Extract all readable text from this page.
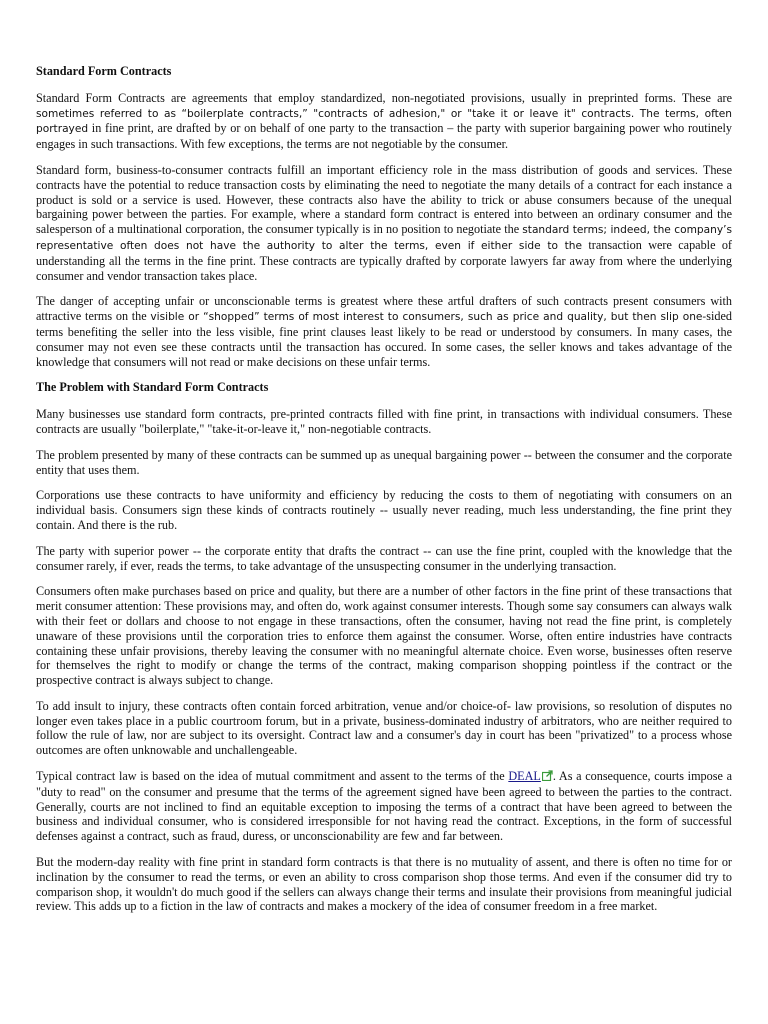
Standard Form Contracts

Standard Form Contracts are agreements that employ standardized, non-negotiated provisions, usually in preprinted forms. These are sometimes referred to as “boilerplate contracts,” "contracts of adhesion," or "take it or leave it" contracts. The terms, often portrayed in fine print, are drafted by or on behalf of one party to the transaction – the party with superior bargaining power who routinely engages in such transactions. With few exceptions, the terms are not negotiable by the consumer.

Standard form, business-to-consumer contracts fulfill an important efficiency role in the mass distribution of goods and services. These contracts have the potential to reduce transaction costs by eliminating the need to negotiate the many details of a contract for each instance a product is sold or a service is used. However, these contracts also have the ability to trick or abuse consumers because of the unequal bargaining power between the parties. For example, where a standard form contract is entered into between an ordinary consumer and the salesperson of a multinational corporation, the consumer typically is in no position to negotiate the standard terms; indeed, the company’s representative often does not have the authority to alter the terms, even if either side to the transaction were capable of understanding all the terms in the fine print. These contracts are typically drafted by corporate lawyers far away from where the underlying consumer and vendor transaction takes place.

The danger of accepting unfair or unconscionable terms is greatest where these artful drafters of such contracts present consumers with attractive terms on the visible or “shopped” terms of most interest to consumers, such as price and quality, but then slip one-sided terms benefiting the seller into the less visible, fine print clauses least likely to be read or understood by consumers. In many cases, the consumer may not even see these contracts until the transaction has occured. In some cases, the seller knows and takes advantage of the knowledge that consumers will not read or make decisions on these unfair terms.

The Problem with Standard Form Contracts

Many businesses use standard form contracts, pre-printed contracts filled with fine print, in transactions with individual consumers. These contracts are usually "boilerplate," "take-it-or-leave it," non-negotiable contracts.

The problem presented by many of these contracts can be summed up as unequal bargaining power -- between the consumer and the corporate entity that uses them.

Corporations use these contracts to have uniformity and efficiency by reducing the costs to them of negotiating with consumers on an individual basis. Consumers sign these kinds of contracts routinely -- usually never reading, much less understanding, the fine print they contain. And there is the rub.

The party with superior power -- the corporate entity that drafts the contract -- can use the fine print, coupled with the knowledge that the consumer rarely, if ever, reads the terms, to take advantage of the unsuspecting consumer in the underlying transaction.

Consumers often make purchases based on price and quality, but there are a number of other factors in the fine print of these transactions that merit consumer attention: These provisions may, and often do, work against consumer interests. Though some say consumers can always walk with their feet or dollars and choose to not engage in these transactions, often the consumer, having not read the fine print, is completely unaware of these provisions until the corporation tries to enforce them against the consumer. Worse, often entire industries have contracts containing these unfair provisions, thereby leaving the consumer with no meaningful alternate choice. Even worse, businesses often reserve for themselves the right to modify or change the terms of the contract, making comparison shopping pointless if the contract or the prospective contract is always subject to change.

To add insult to injury, these contracts often contain forced arbitration, venue and/or choice-of- law provisions, so resolution of disputes no longer even takes place in a public courtroom forum, but in a private, business-dominated industry of arbitrators, who are neither required to follow the rule of law, nor are subject to its oversight. Contract law and a consumer's day in court has been "privatized" to a process whose outcomes are often unknowable and unchallengeable.

Typical contract law is based on the idea of mutual commitment and assent to the terms of the DEAL . As a consequence, courts impose a "duty to read" on the consumer and presume that the terms of the agreement signed have been agreed to between the parties to the contract. Generally, courts are not inclined to find an equitable exception to imposing the terms of a contract that have been agreed to between the business and individual consumer, who is considered irresponsible for not having read the contract. Exceptions, in the form of successful defenses against a contract, such as fraud, duress, or unconscionability are few and far between.

But the modern-day reality with fine print in standard form contracts is that there is no mutuality of assent, and there is often no time for or inclination by the consumer to read the terms, or even an ability to cross comparison shop those terms. And even if the consumer did try to comparison shop, it wouldn't do much good if the sellers can always change their terms and insulate their provisions from meaningful judicial review. This adds up to a fiction in the law of contracts and makes a mockery of the idea of consumer freedom in a free market.
